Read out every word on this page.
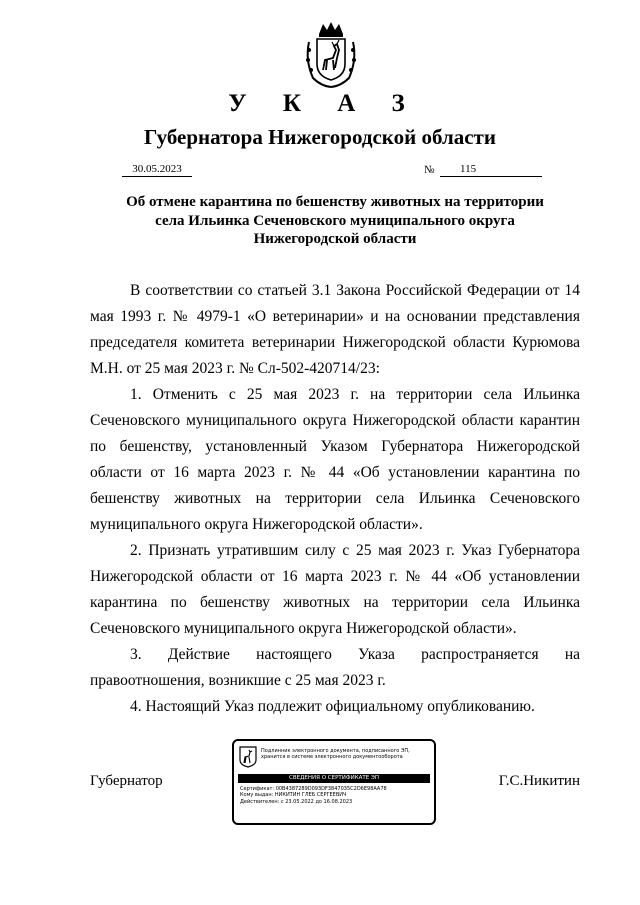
У К А З
Губернатора Нижегородской области
30.05.2023	№	115
Об отмене карантина по бешенству животных на территории
села Ильинка Сеченовского муниципального округа
Нижегородской области

В соответствии со статьей 3.1 Закона Российской Федерации от 14 мая 1993 г. № 4979-1 «О ветеринарии» и на основании представления председателя комитета ветеринарии Нижегородской области Курюмова М.Н. от 25 мая 2023 г. № Сл-502-420714/23:

1. Отменить с 25 мая 2023 г. на территории села Ильинка Сеченовского муниципального округа Нижегородской области карантин по бешенству, установленный Указом Губернатора Нижегородской области от 16 марта 2023 г. № 44 «Об установлении карантина по бешенству животных на территории села Ильинка Сеченовского муниципального округа Нижегородской области».

2. Признать утратившим силу с 25 мая 2023 г. Указ Губернатора Нижегородской области от 16 марта 2023 г. № 44 «Об установлении карантина по бешенству животных на территории села Ильинка Сеченовского муниципального округа Нижегородской области».

3. Действие настоящего Указа распространяется на правоотношения, возникшие с 25 мая 2023 г.

4. Настоящий Указ подлежит официальному опубликованию.

Губернатор	Г.С.Никитин
Подлинник электронного документа, подписанного ЭП,
хранится в системе электронного документооборота
СВЕДЕНИЯ О СЕРТИФИКАТЕ ЭП
Сертификат: 00B4387289D093DF3847035C2D6E98AA78
Кому выдан: НИКИТИН ГЛЕБ СЕРГЕЕВИЧ
Действителен: с 23.05.2022 до 16.08.2023
